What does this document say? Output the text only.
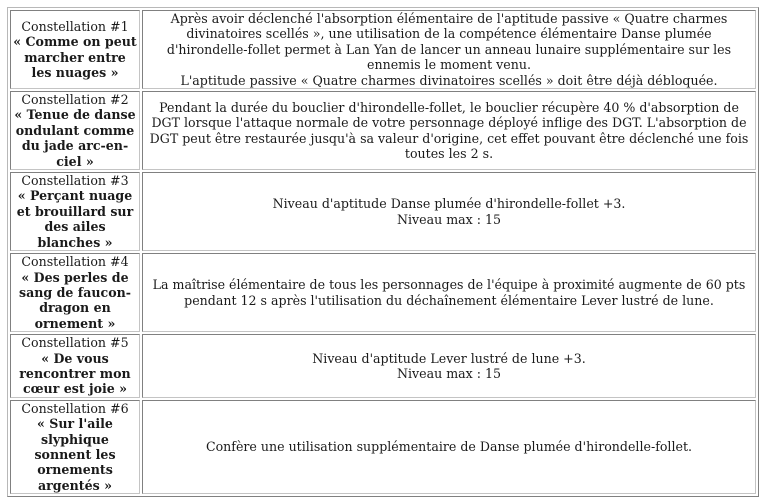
Constellation #1
« Comme on peut marcher entre les nuages »	Après avoir déclenché l'absorption élémentaire de l'aptitude passive « Quatre charmes divinatoires scellés », une utilisation de la compétence élémentaire Danse plumée d'hirondelle-follet permet à Lan Yan de lancer un anneau lunaire supplémentaire sur les ennemis le moment venu.
L'aptitude passive « Quatre charmes divinatoires scellés » doit être déjà débloquée.

Constellation #2
« Tenue de danse ondulant comme du jade arc-en-ciel »	Pendant la durée du bouclier d'hirondelle-follet, le bouclier récupère 40 % d'absorption de DGT lorsque l'attaque normale de votre personnage déployé inflige des DGT. L'absorption de DGT peut être restaurée jusqu'à sa valeur d'origine, cet effet pouvant être déclenché une fois toutes les 2 s.

Constellation #3
« Perçant nuage et brouillard sur des ailes blanches »	Niveau d'aptitude Danse plumée d'hirondelle-follet +3.
Niveau max : 15

Constellation #4
« Des perles de sang de faucon-dragon en ornement »	La maîtrise élémentaire de tous les personnages de l'équipe à proximité augmente de 60 pts pendant 12 s après l'utilisation du déchaînement élémentaire Lever lustré de lune.

Constellation #5
« De vous rencontrer mon cœur est joie »	Niveau d'aptitude Lever lustré de lune +3.
Niveau max : 15

Constellation #6
« Sur l'aile slyphique sonnent les ornements argentés »	Confère une utilisation supplémentaire de Danse plumée d'hirondelle-follet.
